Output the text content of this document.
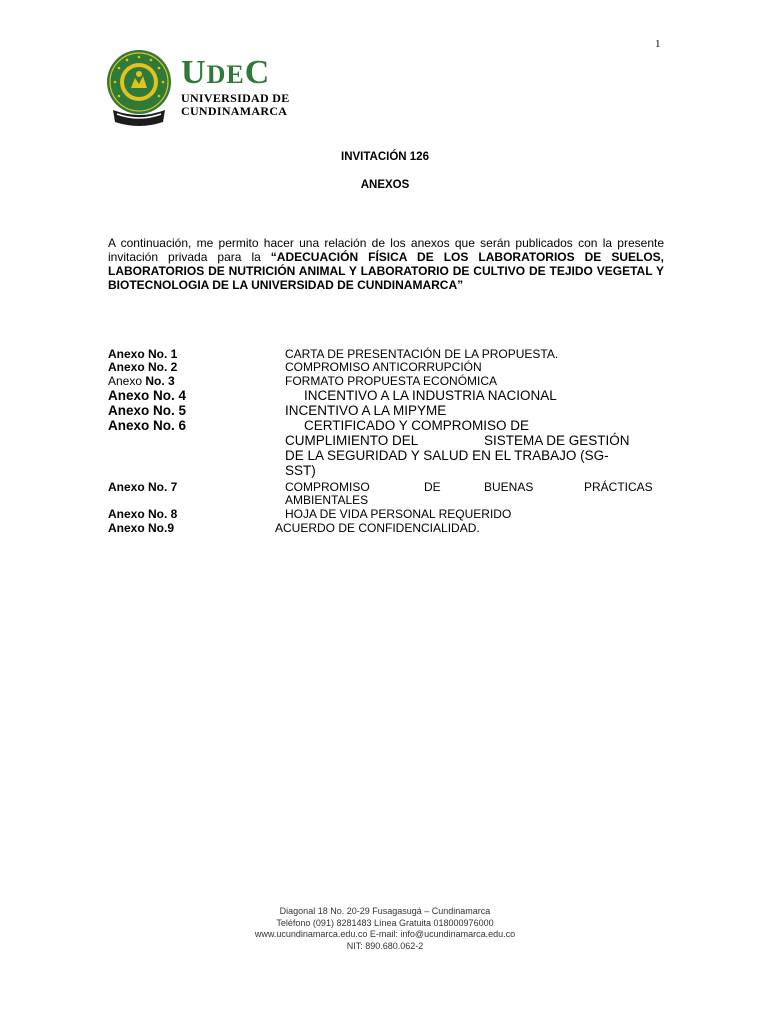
1
UDEC
UNIVERSIDAD DE
CUNDINAMARCA
INVITACIÓN 126
ANEXOS
A continuación, me permito hacer una relación de los anexos que serán publicados con la presente invitación privada para la “ADECUACIÓN FÍSICA DE LOS LABORATORIOS DE SUELOS, LABORATORIOS DE NUTRICIÓN ANIMAL Y LABORATORIO DE CULTIVO DE TEJIDO VEGETAL Y BIOTECNOLOGIA DE LA UNIVERSIDAD DE CUNDINAMARCA”
Anexo No. 1	CARTA DE PRESENTACIÓN DE LA PROPUESTA.
Anexo No. 2	COMPROMISO ANTICORRUPCIÓN
Anexo No. 3	FORMATO PROPUESTA ECONÓMICA
Anexo No. 4	INCENTIVO A LA INDUSTRIA NACIONAL
Anexo No. 5	INCENTIVO A LA MIPYME
Anexo No. 6	CERTIFICADO Y COMPROMISO DE
CUMPLIMIENTO DEL	SISTEMA DE GESTIÓN
DE LA SEGURIDAD Y SALUD EN EL TRABAJO (SG-
SST)
Anexo No. 7	COMPROMISO	DE	BUENAS	PRÁCTICAS
AMBIENTALES
Anexo No. 8	HOJA DE VIDA PERSONAL REQUERIDO
Anexo No.9	ACUERDO DE CONFIDENCIALIDAD.
Diagonal 18 No. 20-29 Fusagasugá – Cundinamarca
Teléfono (091) 8281483 Línea Gratuita 018000976000
www.ucundinamarca.edu.co E-mail: info@ucundinamarca.edu.co
NIT: 890.680.062-2
